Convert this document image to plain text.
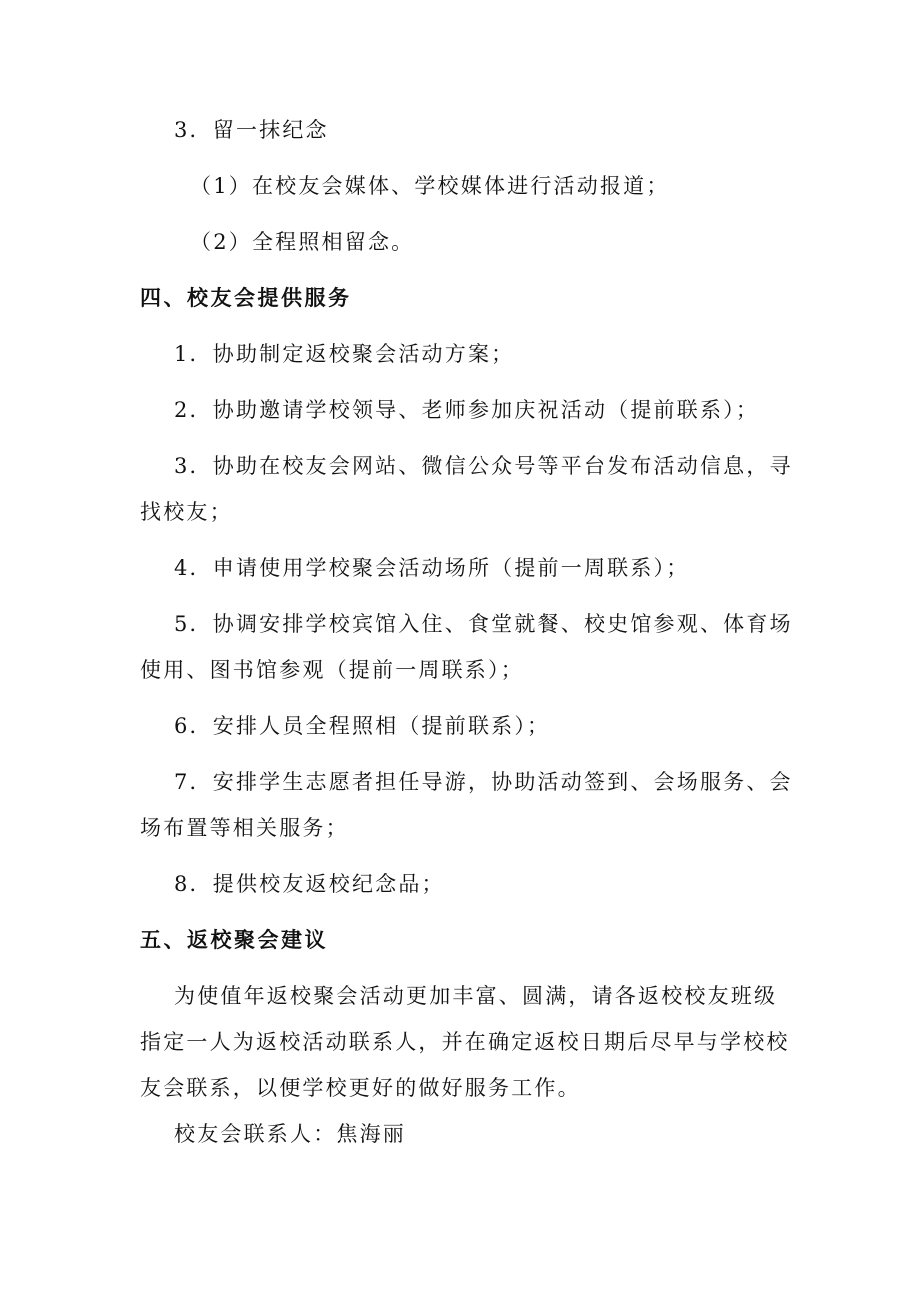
3．留一抹纪念
（1）在校友会媒体、学校媒体进行活动报道；
（2）全程照相留念。
四、校友会提供服务
1．协助制定返校聚会活动方案；
2．协助邀请学校领导、老师参加庆祝活动（提前联系）；
3．协助在校友会网站、微信公众号等平台发布活动信息，寻
找校友；
4．申请使用学校聚会活动场所（提前一周联系）；
5．协调安排学校宾馆入住、食堂就餐、校史馆参观、体育场
使用、图书馆参观（提前一周联系）；
6．安排人员全程照相（提前联系）；
7．安排学生志愿者担任导游，协助活动签到、会场服务、会
场布置等相关服务；
8．提供校友返校纪念品；
五、返校聚会建议
为使值年返校聚会活动更加丰富、圆满，请各返校校友班级
指定一人为返校活动联系人，并在确定返校日期后尽早与学校校
友会联系，以便学校更好的做好服务工作。
校友会联系人：焦海丽
